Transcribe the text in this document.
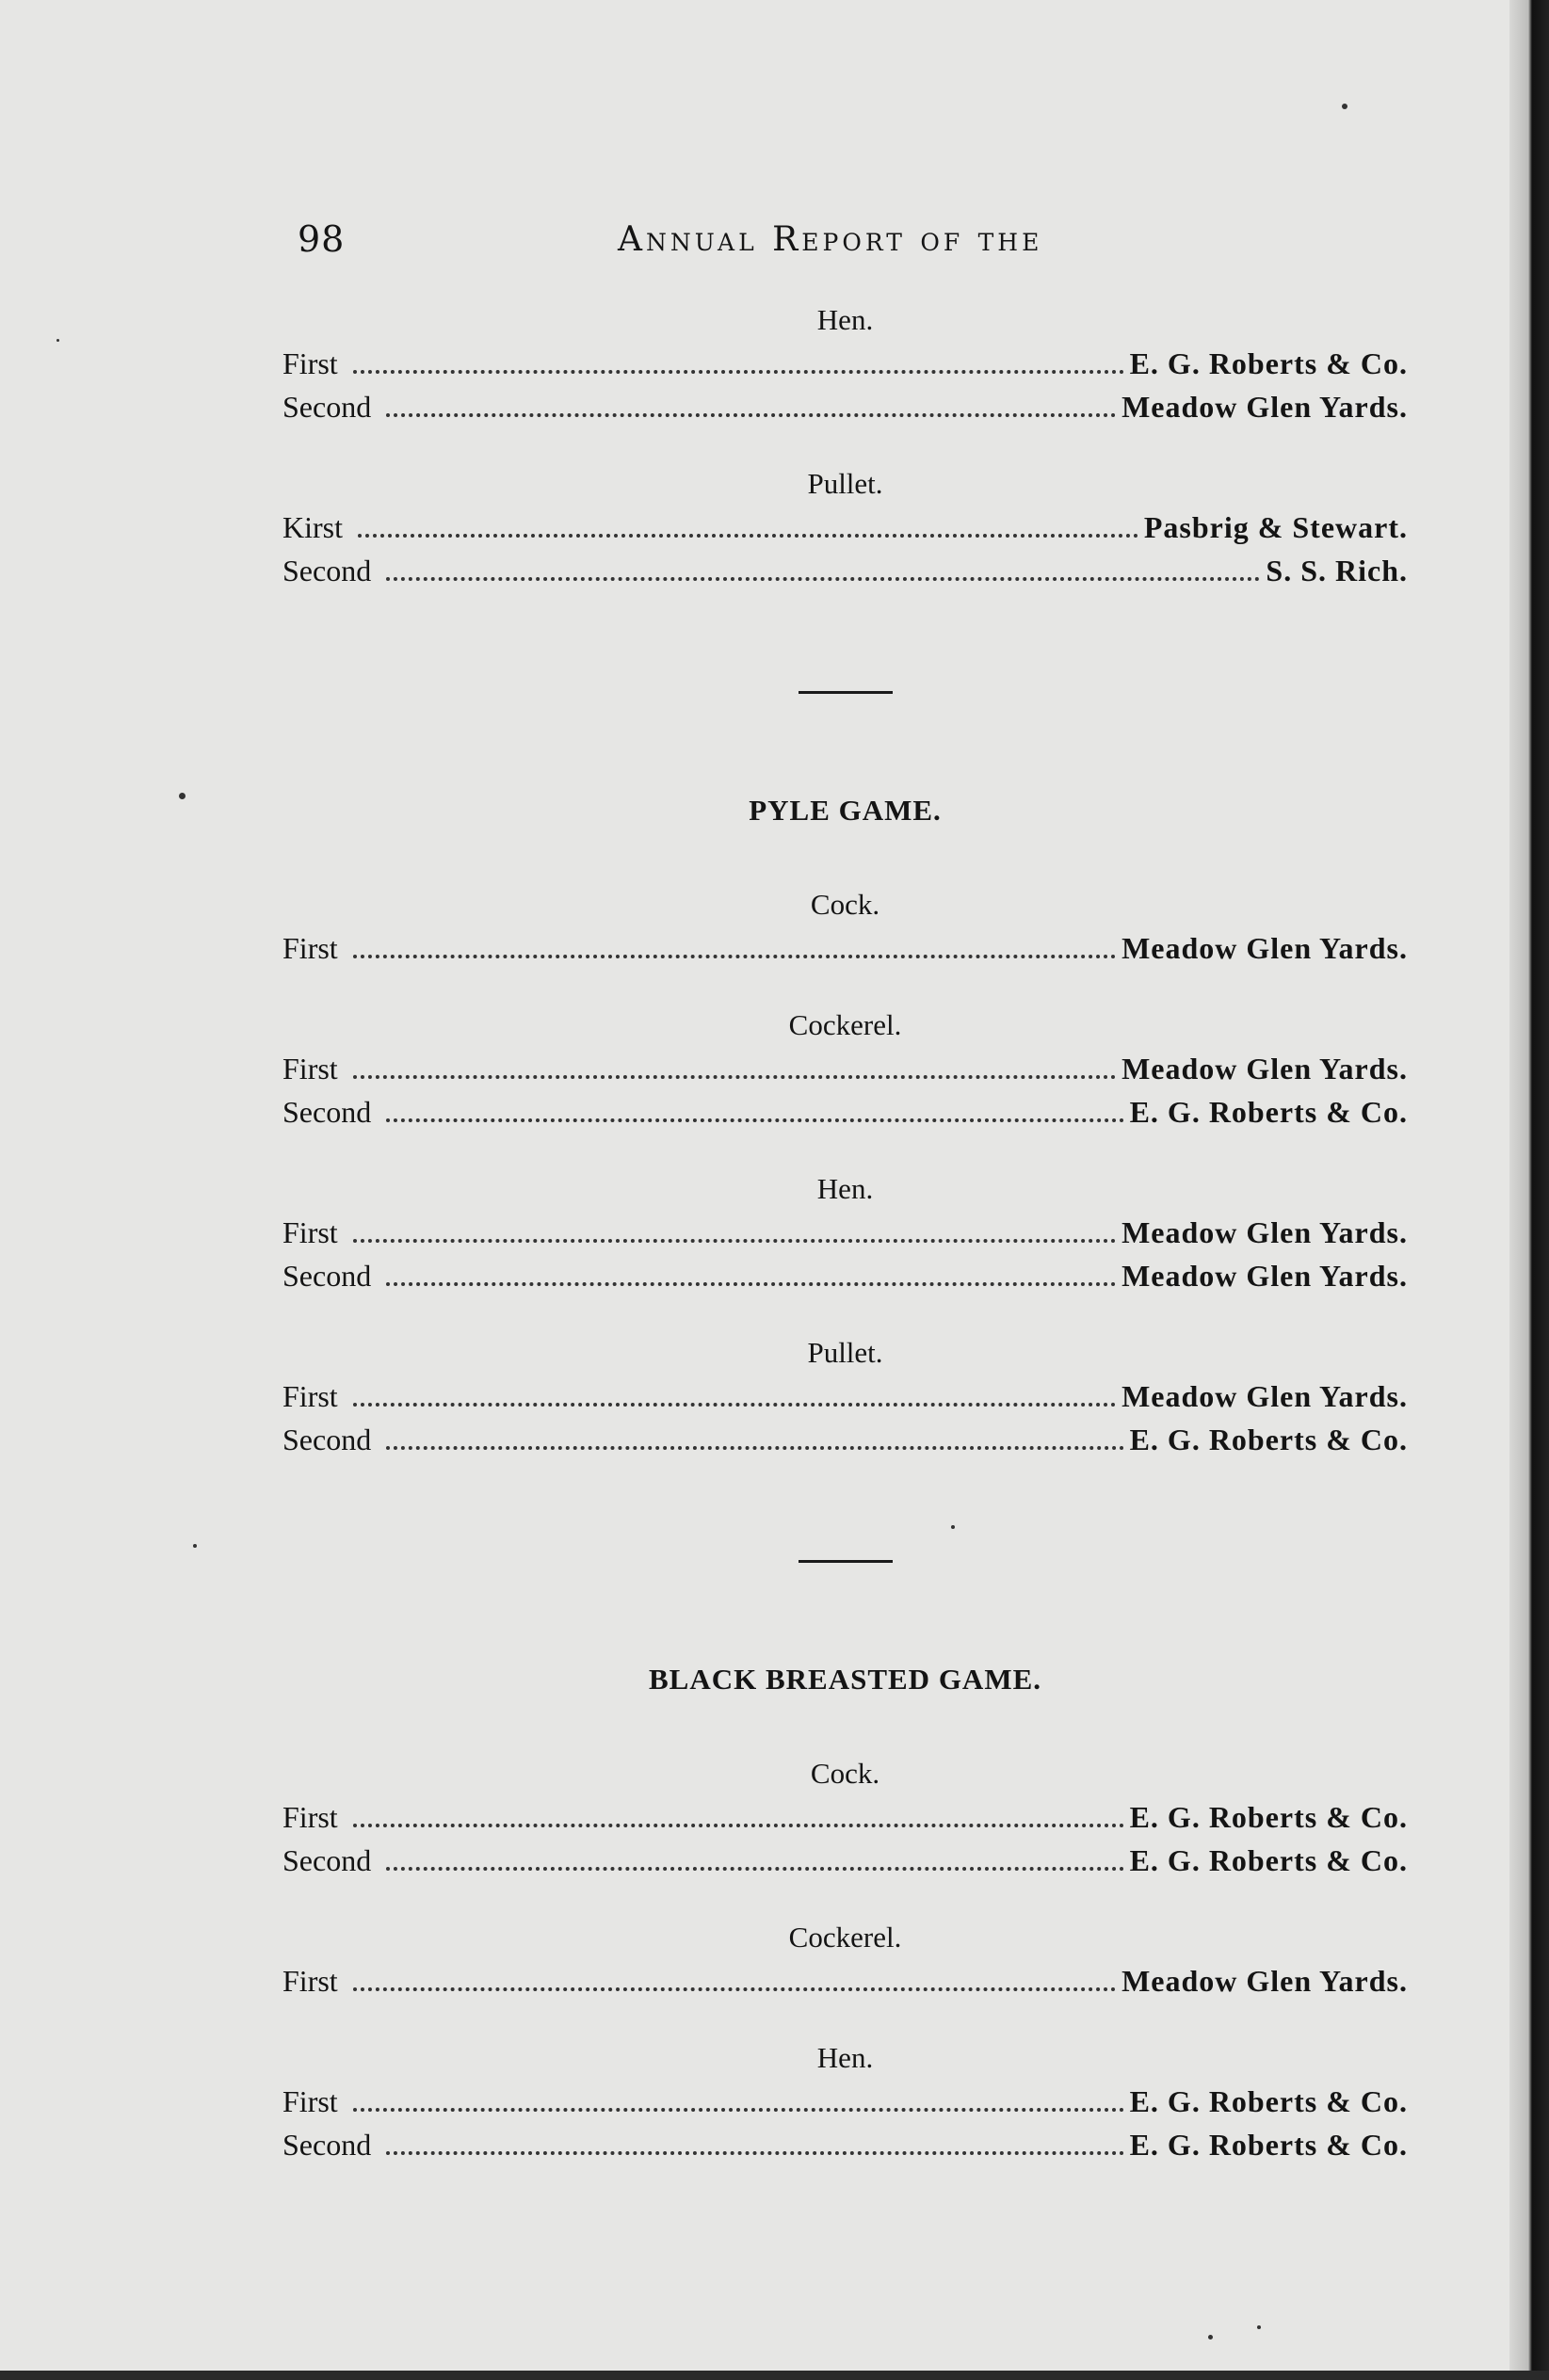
98	Annual Report of the
Hen.
First	E. G. Roberts & Co.
Second	Meadow Glen Yards.
Pullet.
Kirst	Pasbrig & Stewart.
Second	S. S. Rich.
PYLE GAME.
Cock.
First	Meadow Glen Yards.
Cockerel.
First	Meadow Glen Yards.
Second	E. G. Roberts & Co.
Hen.
First	Meadow Glen Yards.
Second	Meadow Glen Yards.
Pullet.
First	Meadow Glen Yards.
Second	E. G. Roberts & Co.
BLACK BREASTED GAME.
Cock.
First	E. G. Roberts & Co.
Second	E. G. Roberts & Co.
Cockerel.
First	Meadow Glen Yards.
Hen.
First	E. G. Roberts & Co.
Second	E. G. Roberts & Co.
